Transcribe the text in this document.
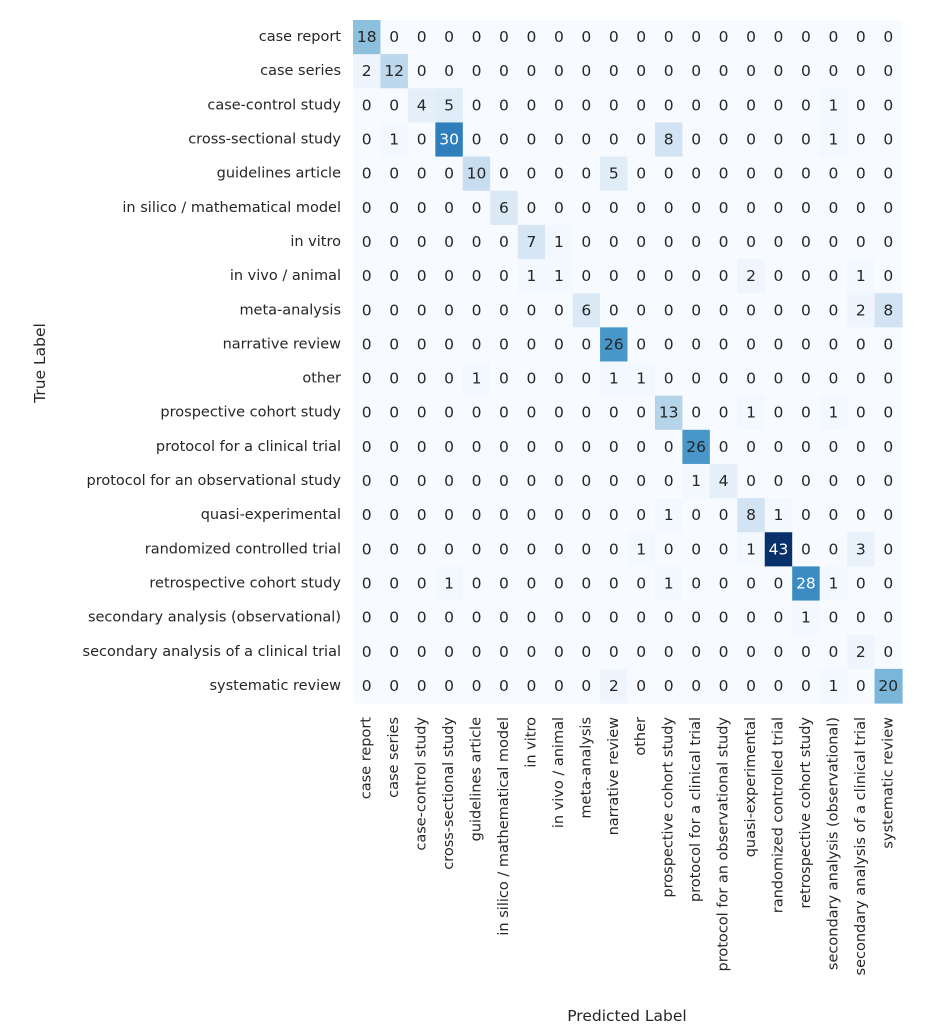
18 0 0 0 0 0 0 0 0 0 0 0 0 0 0 0 0 0 0 0
2 12 0 0 0 0 0 0 0 0 0 0 0 0 0 0 0 0 0 0
0 0 4 5 0 0 0 0 0 0 0 0 0 0 0 0 0 1 0 0
0 1 0 30 0 0 0 0 0 0 0 8 0 0 0 0 0 1 0 0
0 0 0 0 10 0 0 0 0 5 0 0 0 0 0 0 0 0 0 0
0 0 0 0 0 6 0 0 0 0 0 0 0 0 0 0 0 0 0 0
0 0 0 0 0 0 7 1 0 0 0 0 0 0 0 0 0 0 0 0
0 0 0 0 0 0 1 1 0 0 0 0 0 0 2 0 0 0 1 0
0 0 0 0 0 0 0 0 6 0 0 0 0 0 0 0 0 0 2 8
0 0 0 0 0 0 0 0 0 26 0 0 0 0 0 0 0 0 0 0
0 0 0 0 1 0 0 0 0 1 1 0 0 0 0 0 0 0 0 0
0 0 0 0 0 0 0 0 0 0 0 13 0 0 1 0 0 1 0 0
0 0 0 0 0 0 0 0 0 0 0 0 26 0 0 0 0 0 0 0
0 0 0 0 0 0 0 0 0 0 0 0 1 4 0 0 0 0 0 0
0 0 0 0 0 0 0 0 0 0 0 1 0 0 8 1 0 0 0 0
0 0 0 0 0 0 0 0 0 0 1 0 0 0 1 43 0 0 3 0
0 0 0 1 0 0 0 0 0 0 0 1 0 0 0 0 28 1 0 0
0 0 0 0 0 0 0 0 0 0 0 0 0 0 0 0 1 0 0 0
0 0 0 0 0 0 0 0 0 0 0 0 0 0 0 0 0 0 2 0
0 0 0 0 0 0 0 0 0 2 0 0 0 0 0 0 0 1 0 20
case report
case series
case-control study
cross-sectional study
guidelines article
in silico / mathematical model
in vitro
in vivo / animal
meta-analysis
narrative review
other
prospective cohort study
protocol for a clinical trial
protocol for an observational study
quasi-experimental
randomized controlled trial
retrospective cohort study
secondary analysis (observational)
secondary analysis of a clinical trial
systematic review
case report case series case-control study cross-sectional study guidelines article in silico / mathematical model in vitro in vivo / animal meta-analysis narrative review other prospective cohort study protocol for a clinical trial protocol for an observational study quasi-experimental randomized controlled trial retrospective cohort study secondary analysis (observational) secondary analysis of a clinical trial systematic review
Predicted Label
True Label
